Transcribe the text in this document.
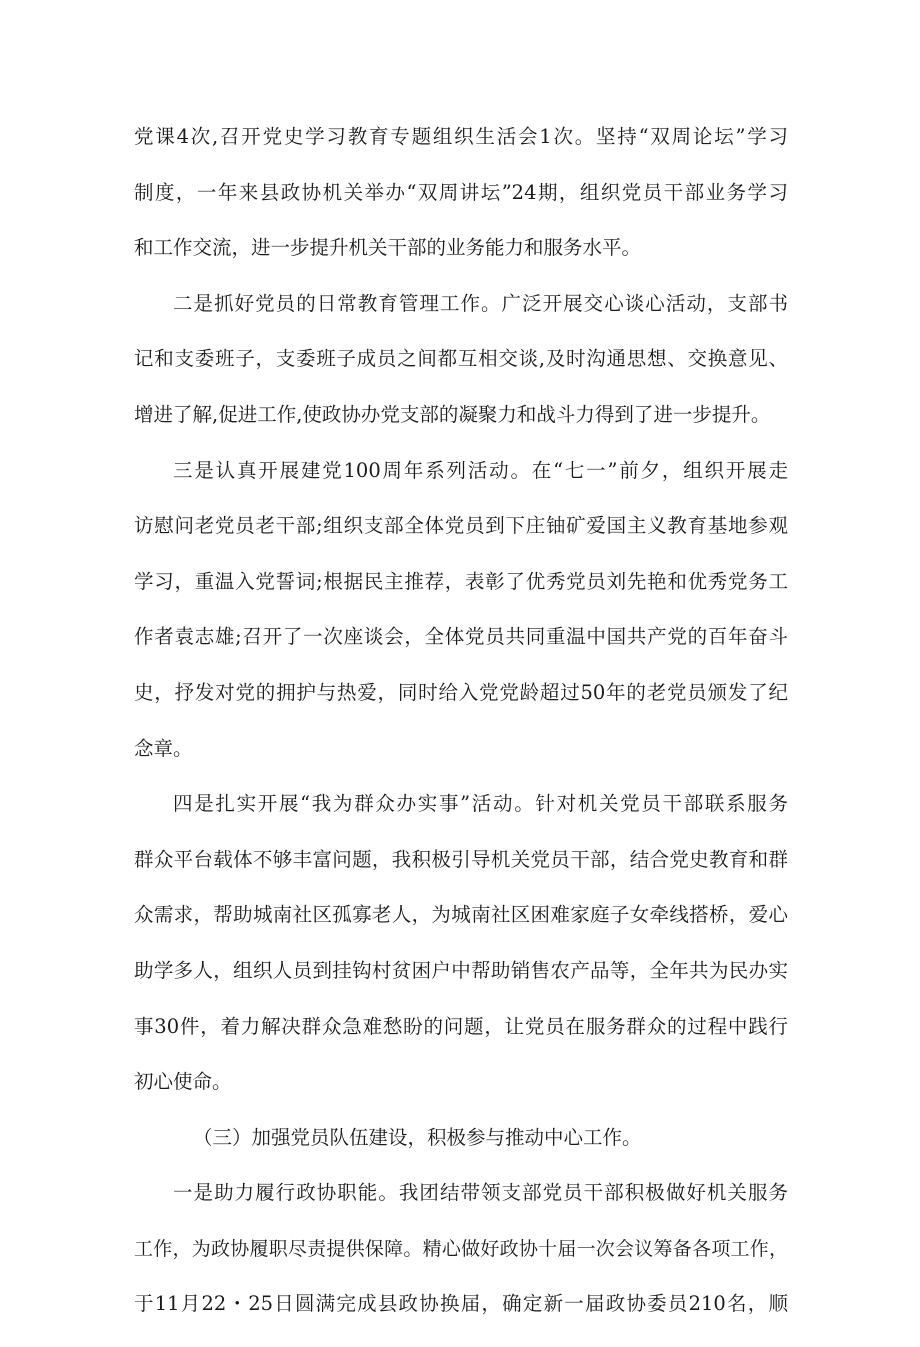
党课4次,召开党史学习教育专题组织生活会1次。坚持“双周论坛”学习
制度，一年来县政协机关举办“双周讲坛”24期，组织党员干部业务学习
和工作交流，进一步提升机关干部的业务能力和服务水平。
二是抓好党员的日常教育管理工作。广泛开展交心谈心活动，支部书
记和支委班子，支委班子成员之间都互相交谈,及时沟通思想、交换意见、
增进了解,促进工作,使政协办党支部的凝聚力和战斗力得到了进一步提升。
三是认真开展建党100周年系列活动。在“七一”前夕，组织开展走
访慰问老党员老干部;组织支部全体党员到下庄铀矿爱国主义教育基地参观
学习，重温入党誓词;根据民主推荐，表彰了优秀党员刘先艳和优秀党务工
作者袁志雄;召开了一次座谈会，全体党员共同重温中国共产党的百年奋斗
史，抒发对党的拥护与热爱，同时给入党党龄超过50年的老党员颁发了纪
念章。
四是扎实开展“我为群众办实事”活动。针对机关党员干部联系服务
群众平台载体不够丰富问题，我积极引导机关党员干部，结合党史教育和群
众需求，帮助城南社区孤寡老人，为城南社区困难家庭子女牵线搭桥，爱心
助学多人，组织人员到挂钩村贫困户中帮助销售农产品等，全年共为民办实
事30件，着力解决群众急难愁盼的问题，让党员在服务群众的过程中践行
初心使命。
（三）加强党员队伍建设，积极参与推动中心工作。
一是助力履行政协职能。我团结带领支部党员干部积极做好机关服务
工作，为政协履职尽责提供保障。精心做好政协十届一次会议筹备各项工作，
于11月22・25日圆满完成县政协换届，确定新一届政协委员210名，顺
